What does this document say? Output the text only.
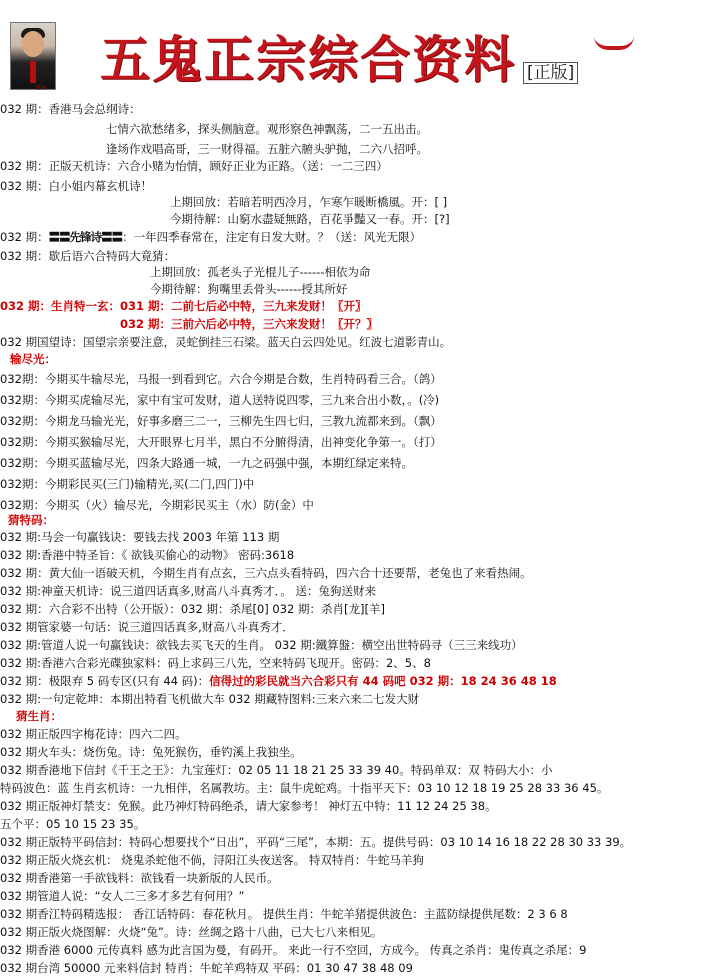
Six 五鬼正宗综合资料 [正版]
032 期：香港马会总纲诗：
七情六欲愁绪多，探头侧脑意。观形察色神飘荡，二一五出击。
逢场作戏唱高哥，三一财得福。五脏六腑头驴抛，二六八招呼。
032 期：正版天机诗：六合小赌为怡情，顾好正业为正路。（送：一二三四）
032 期：白小姐内幕玄机诗！
上期回放：若暗若明西冷月，乍寒乍暖断橋風。开：[ ]
今期待解：山窮水盡疑無路，百花爭豔又一春。开：[?]
032 期：〓〓先锋诗〓〓：一年四季春常在，注定有日发大财。？（送：风光无限）
032 期：歇后语六合特码大竟猜：
上期回放：孤老头子光棍儿子------相依为命
今期待解：狗嘴里丢骨头------授其所好
032 期：生肖特一玄：031 期：二前七后必中特，三九来发财！〖开〗
032 期：三前六后必中特，三六来发财！〖开？〗
032 期国望诗：国望宗亲要注意，灵蛇倒挂三石梁。蓝天白云四处见。红波七道影青山。
输尽光：
032期：今期买牛输尽光，马报一到看到它。六合今期是合数，生肖特码看三合。（鸽）
032期：今期买虎输尽光，家中有宝可发财，道人送特说四零，三九来合出小数，。(冷)
032期：今期龙马输光光，好事多磨三二一，三柳先生四七归，三教九流都来到。（飘）
032期：今期买猴输尽光，大开眼界七月半，黑白不分腑得清，出神变化争第一。（打）
032期：今期买蓝输尽光，四条大路通一城，一九之码强中强，本期红绿定来特。
032期：今期彩民买(三门)输精光,买(二门,四门)中
032期：今期买（火）输尽光，今期彩民买主（水）防(金）中
猜特码：
032 期:马会一句赢钱诀：要钱去找 2003 年第 113 期
032 期:香港中特圣旨：《 欲钱买偷心的动物》 密码:3618
032 期：黄大仙一语破天机，今期生肖有点玄，三六点头看特码，四六合十还要帮，老兔也了来看热闹。
032 期:神童天机诗：说三道四话真多,财高八斗真秀才．。 送：兔狗送财来
032 期：六合彩不出特（公开版）：032 期：杀尾[0] 032 期：杀肖[龙][羊]
032 期管家婆一句话：说三道四话真多,财高八斗真秀才．
032 期:管道人说一句赢钱诀：欲钱去买飞天的生肖。 032 期:鐵算盤：横空出世特码寻（三三来线功）
032 期:香港六合彩光碟独家料：码上求码三八先，空来特码飞现开。密码：2、5、8
032 期：极限弃 5 码专区(只有 44 码)：信得过的彩民就当六合彩只有 44 码吧 032 期：18 24 36 48 18
032 期:一句定乾坤：本期出特看飞机做大车 032 期藏特图料:三来六来二七发大财
猜生肖：
032 期正版四字梅花诗：四六二四。
032 期火车头：烧伤兔。诗：兔死猴伤，垂钓溪上我独坐。
032 期香港地下信封《千王之王》：九宝莲灯：02 05 11 18 21 25 33 39 40。特码单双：双 特码大小：小
特码波色：蓝 生肖玄机诗：一九相伴，名属教坊。主：鼠牛虎蛇鸡。十指平天下：03 10 12 18 19 25 28 33 36 45。
032 期正版神灯禁支：免猴。此乃神灯特码绝杀，请大家参考！ 神灯五中特：11 12 24 25 38。
五个平：05 10 15 23 35。
032 期正版特平码信封：特码心想要找个“日出”，平码“三尾”，本期：五。提供号码：03 10 14 16 18 22 28 30 33 39。
032 期正版火烧玄机： 烧鬼杀蛇他不倘，浔阳江头夜送客。 特双特肖：牛蛇马羊狗
032 期香港第一手欲钱料：欲钱看一块新版的人民币。
032 期管道人说：“女人二三多才多艺有何用？”
032 期香江特码精选报： 香江话特码：春花秋月。 提供生肖：牛蛇羊猪提供波色：主蓝防绿提供尾数：2 3 6 8
032 期正版火烧图解：火烧“兔”。诗：丝绸之路十八曲，已大七八来相见。
032 期香港 6000 元传真料 感为此言国为曼，有码开。 来此一行不空回，方成今。 传真之杀肖：鬼传真之杀尾：9
032 期台湾 50000 元来料信封 特肖：牛蛇羊鸡特双 平码：01 30 47 38 48 09
